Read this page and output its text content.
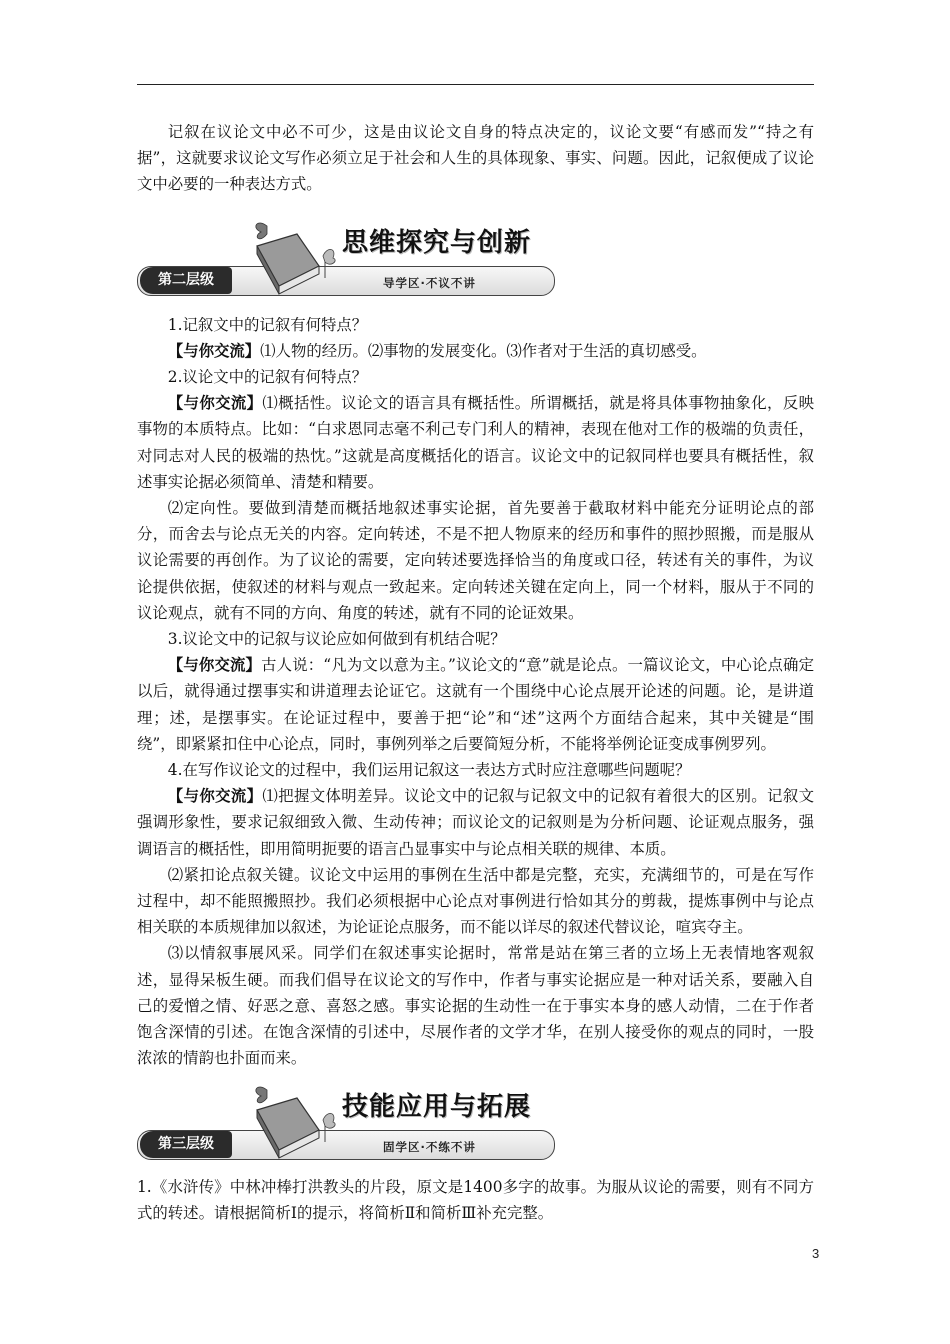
记叙在议论文中必不可少，这是由议论文自身的特点决定的，议论文要“有感而发”“持之有据”，这就要求议论文写作必须立足于社会和人生的具体现象、事实、问题。因此，记叙便成了议论文中必要的一种表达方式。

第二层级
思维探究与创新
导学区·不议不讲

1.记叙文中的记叙有何特点？

【与你交流】⑴人物的经历。⑵事物的发展变化。⑶作者对于生活的真切感受。

2.议论文中的记叙有何特点？

【与你交流】⑴概括性。议论文的语言具有概括性。所谓概括，就是将具体事物抽象化，反映事物的本质特点。比如：“白求恩同志毫不利己专门利人的精神，表现在他对工作的极端的负责任，对同志对人民的极端的热忱。”这就是高度概括化的语言。议论文中的记叙同样也要具有概括性，叙述事实论据必须简单、清楚和精要。

⑵定向性。要做到清楚而概括地叙述事实论据，首先要善于截取材料中能充分证明论点的部分，而舍去与论点无关的内容。定向转述，不是不把人物原来的经历和事件的照抄照搬，而是服从议论需要的再创作。为了议论的需要，定向转述要选择恰当的角度或口径，转述有关的事件，为议论提供依据，使叙述的材料与观点一致起来。定向转述关键在定向上，同一个材料，服从于不同的议论观点，就有不同的方向、角度的转述，就有不同的论证效果。

3.议论文中的记叙与议论应如何做到有机结合呢？

【与你交流】古人说：“凡为文以意为主。”议论文的“意”就是论点。一篇议论文，中心论点确定以后，就得通过摆事实和讲道理去论证它。这就有一个围绕中心论点展开论述的问题。论，是讲道理；述，是摆事实。在论证过程中，要善于把“论”和“述”这两个方面结合起来，其中关键是“围绕”，即紧紧扣住中心论点，同时，事例列举之后要简短分析，不能将举例论证变成事例罗列。

4.在写作议论文的过程中，我们运用记叙这一表达方式时应注意哪些问题呢？

【与你交流】⑴把握文体明差异。议论文中的记叙与记叙文中的记叙有着很大的区别。记叙文强调形象性，要求记叙细致入微、生动传神；而议论文的记叙则是为分析问题、论证观点服务，强调语言的概括性，即用简明扼要的语言凸显事实中与论点相关联的规律、本质。

⑵紧扣论点叙关键。议论文中运用的事例在生活中都是完整，充实，充满细节的，可是在写作过程中，却不能照搬照抄。我们必须根据中心论点对事例进行恰如其分的剪裁，提炼事例中与论点相关联的本质规律加以叙述，为论证论点服务，而不能以详尽的叙述代替议论，喧宾夺主。

⑶以情叙事展风采。同学们在叙述事实论据时，常常是站在第三者的立场上无表情地客观叙述，显得呆板生硬。而我们倡导在议论文的写作中，作者与事实论据应是一种对话关系，要融入自己的爱憎之情、好恶之意、喜怒之感。事实论据的生动性一在于事实本身的感人动情，二在于作者饱含深情的引述。在饱含深情的引述中，尽展作者的文学才华，在别人接受你的观点的同时，一股浓浓的情韵也扑面而来。

第三层级
技能应用与拓展
固学区·不练不讲

1.《水浒传》中林冲棒打洪教头的片段，原文是1400多字的故事。为服从议论的需要，则有不同方式的转述。请根据简析Ⅰ的提示，将简析Ⅱ和简析Ⅲ补充完整。

3
